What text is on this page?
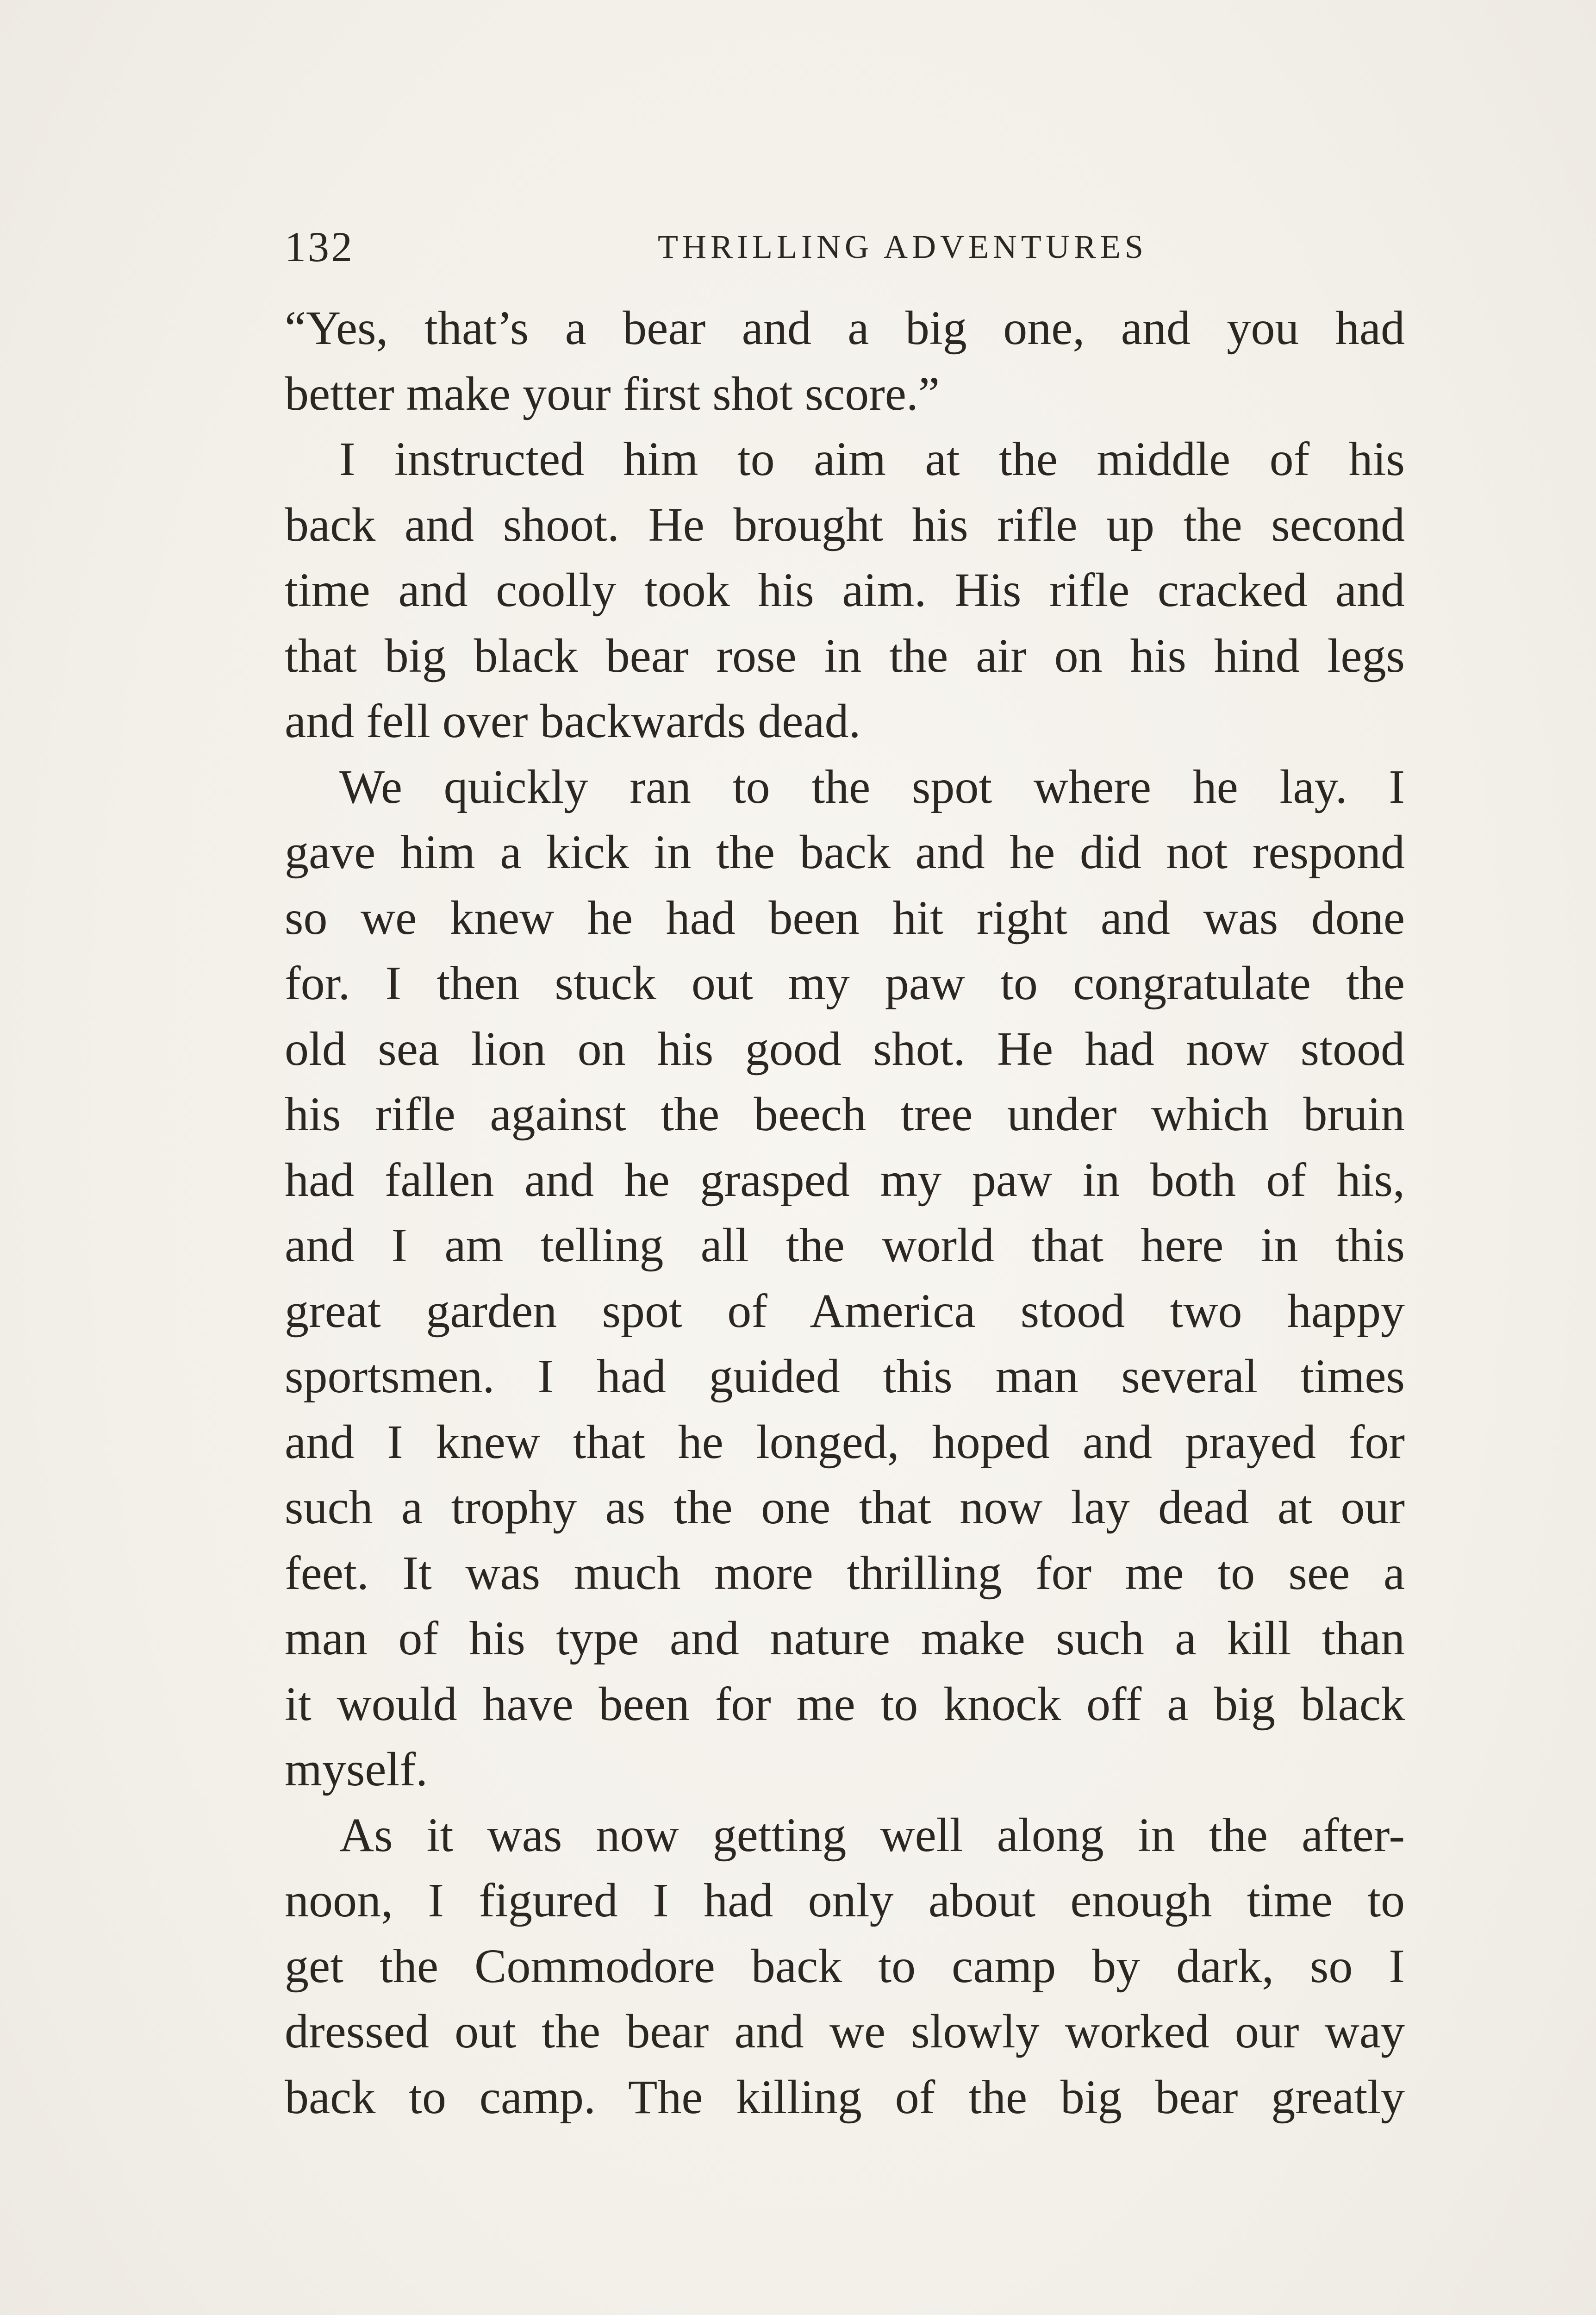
132	THRILLING ADVENTURES
“Yes, that’s a bear and a big one, and you had
better make your first shot score.”
I instructed him to aim at the middle of his
back and shoot. He brought his rifle up the second
time and coolly took his aim. His rifle cracked and
that big black bear rose in the air on his hind legs
and fell over backwards dead.
We quickly ran to the spot where he lay. I
gave him a kick in the back and he did not respond
so we knew he had been hit right and was done
for. I then stuck out my paw to congratulate the
old sea lion on his good shot. He had now stood
his rifle against the beech tree under which bruin
had fallen and he grasped my paw in both of his,
and I am telling all the world that here in this
great garden spot of America stood two happy
sportsmen. I had guided this man several times
and I knew that he longed, hoped and prayed for
such a trophy as the one that now lay dead at our
feet. It was much more thrilling for me to see a
man of his type and nature make such a kill than
it would have been for me to knock off a big black
myself.
As it was now getting well along in the after-
noon, I figured I had only about enough time to
get the Commodore back to camp by dark, so I
dressed out the bear and we slowly worked our way
back to camp. The killing of the big bear greatly
